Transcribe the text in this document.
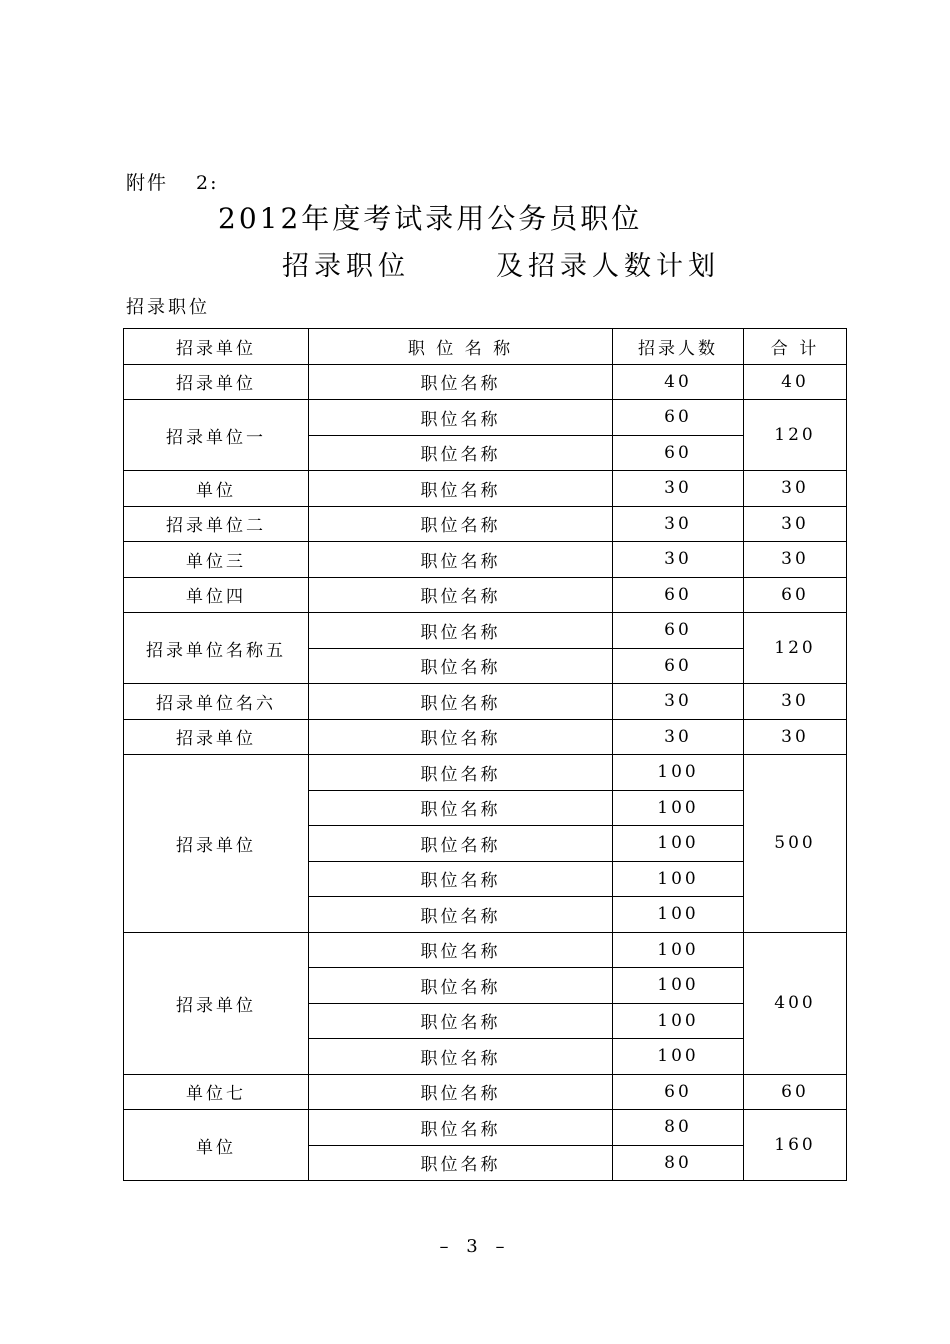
附件 2:
2012年度考试录用公务员职位
招录职位	及招录人数计划
招录职位
招录单位	职 位 名 称	招录人数	合 计
招录单位	职位名称	40	40
招录单位一	职位名称	60	120
	职位名称	60	
单位	职位名称	30	30
招录单位二	职位名称	30	30
单位三	职位名称	30	30
单位四	职位名称	60	60
招录单位名称五	职位名称	60	120
	职位名称	60	
招录单位名六	职位名称	30	30
招录单位	职位名称	30	30
招录单位	职位名称	100	500
	职位名称	100	
	职位名称	100	
	职位名称	100	
	职位名称	100	
招录单位	职位名称	100	400
	职位名称	100	
	职位名称	100	
	职位名称	100	
单位七	职位名称	60	60
单位	职位名称	80	160
	职位名称	80	
– 3 –
